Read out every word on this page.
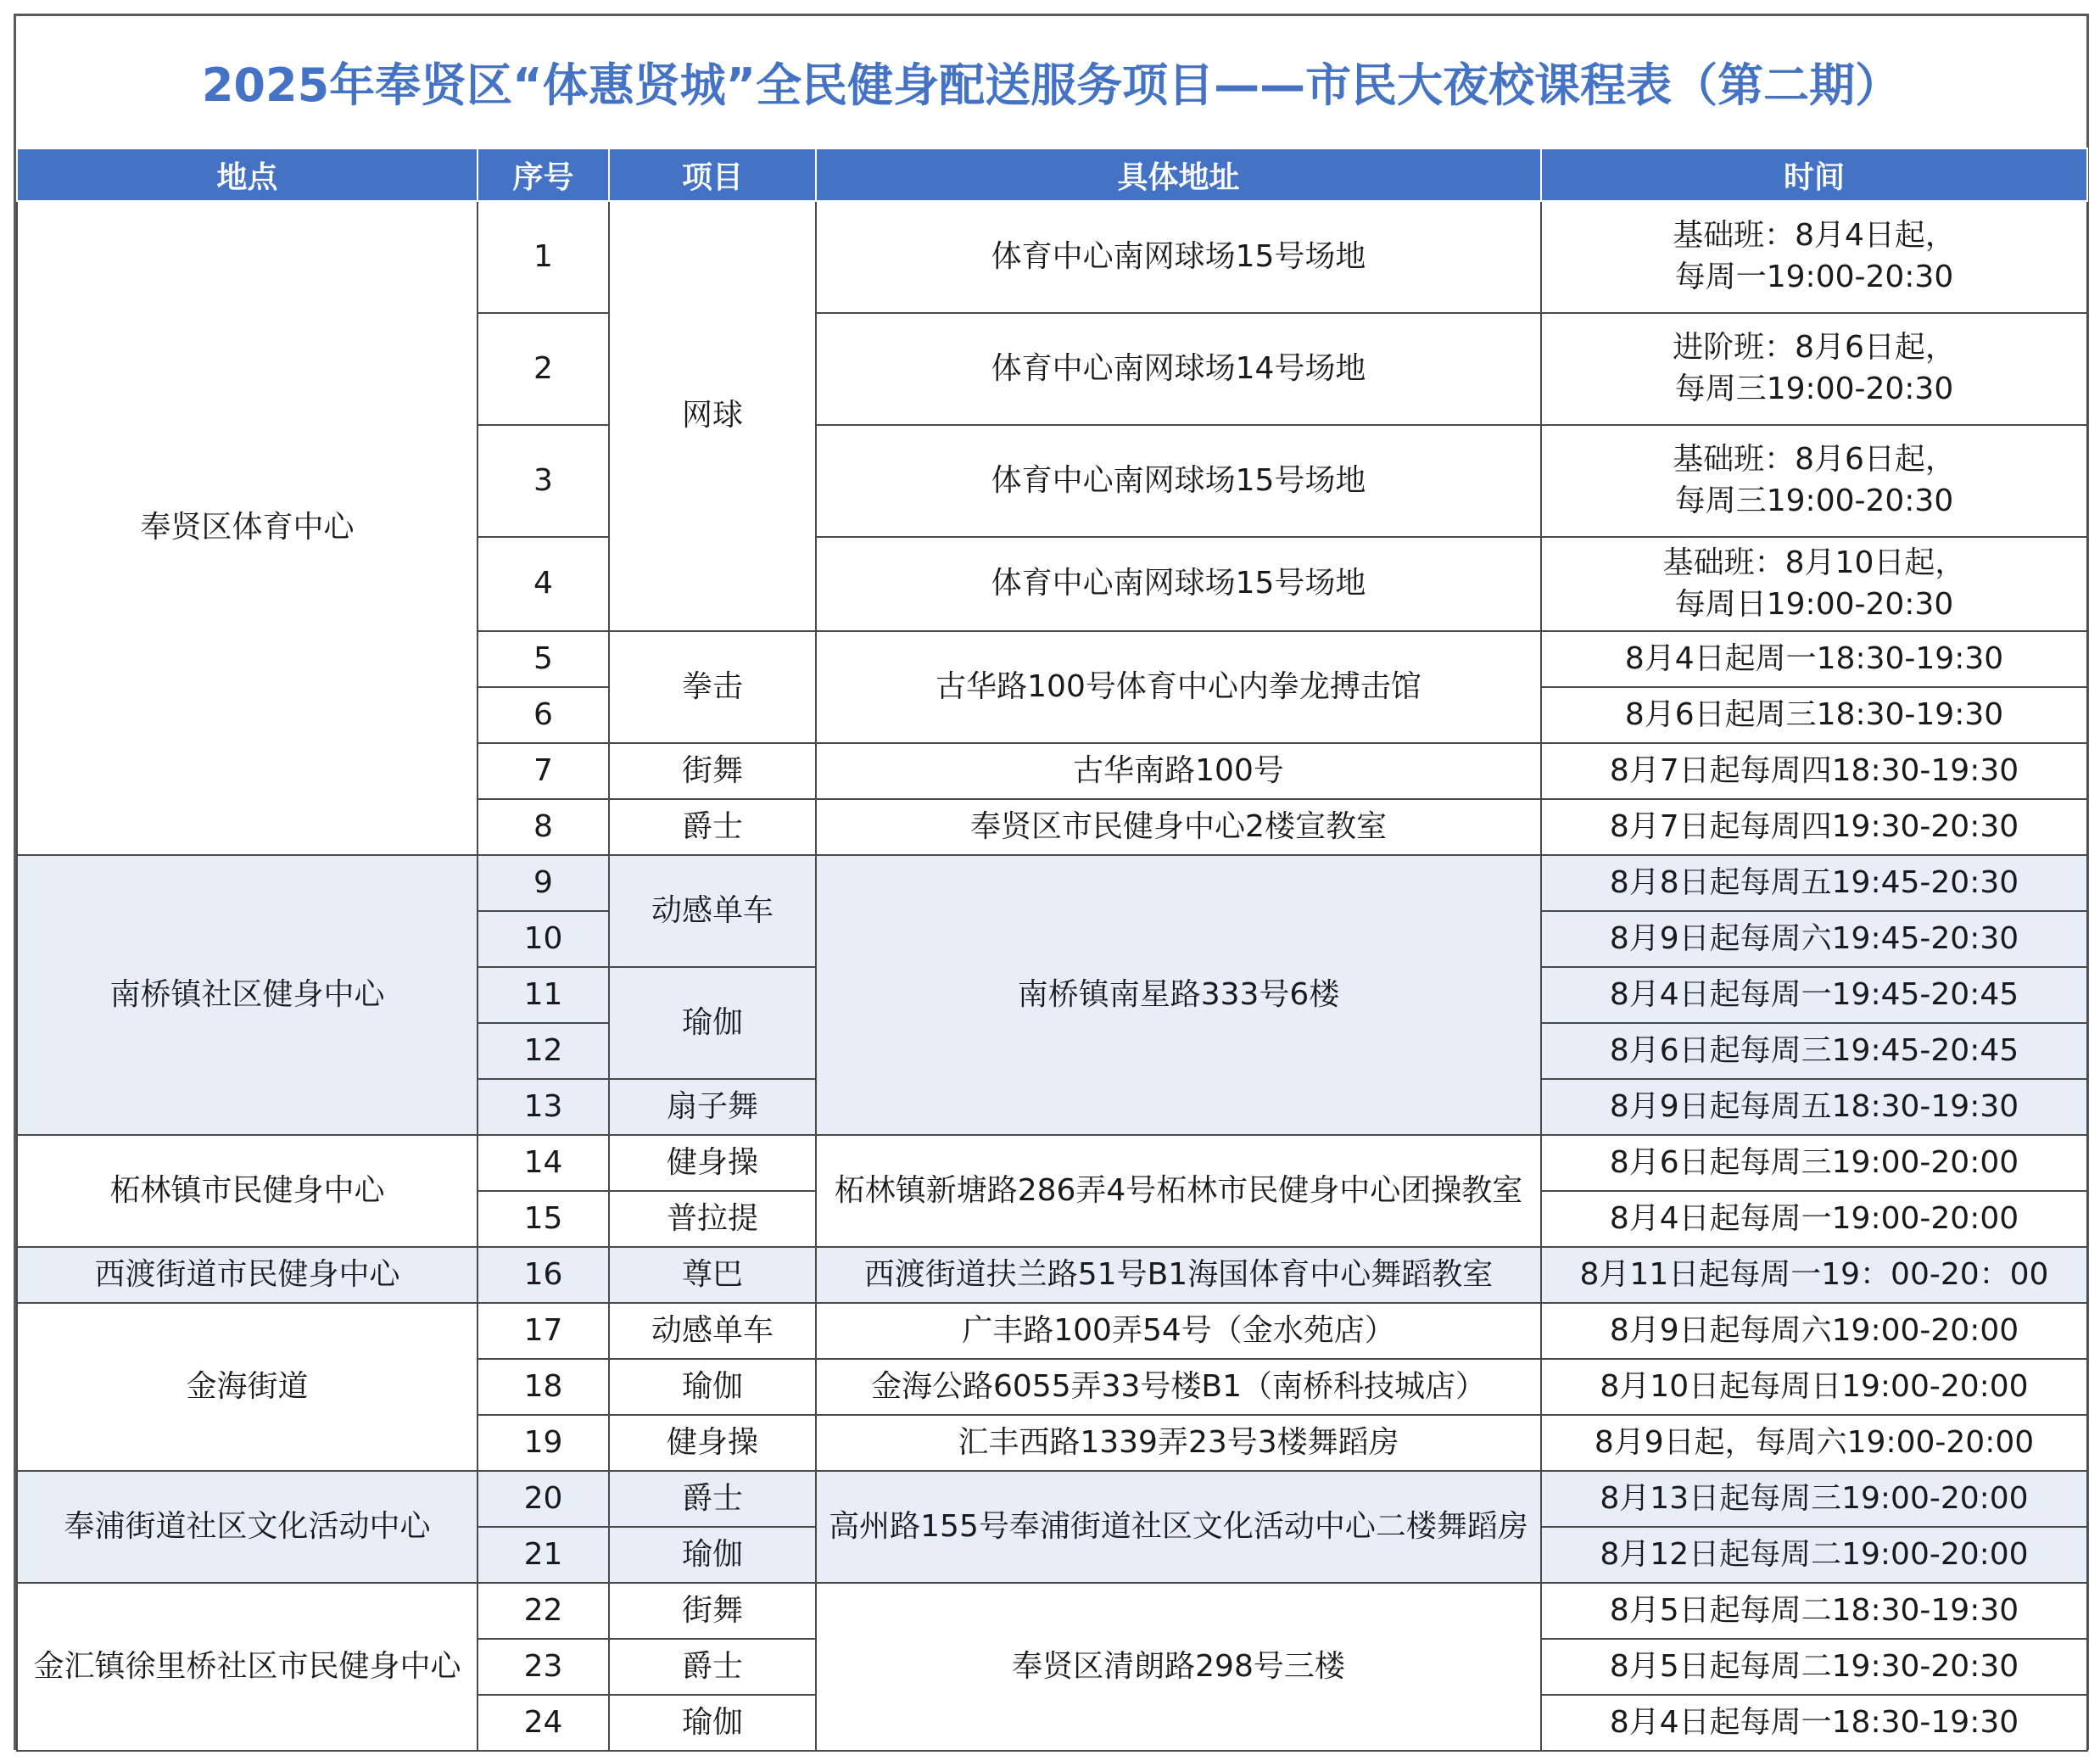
2025年奉贤区“体惠贤城”全民健身配送服务项目——市民大夜校课程表（第二期）
地点	序号	项目	具体地址	时间
奉贤区体育中心	1	网球	体育中心南网球场15号场地	基础班：8月4日起，
每周一19:00-20:30

	2		体育中心南网球场14号场地	进阶班：8月6日起，
每周三19:00-20:30

	3		体育中心南网球场15号场地	基础班：8月6日起，
每周三19:00-20:30

	4		体育中心南网球场15号场地	基础班：8月10日起，
每周日19:00-20:30

	5	拳击	古华路100号体育中心内拳龙搏击馆	8月4日起周一18:30-19:30
	6			8月6日起周三18:30-19:30
	7	街舞	古华南路100号	8月7日起每周四18:30-19:30
	8	爵士	奉贤区市民健身中心2楼宣教室	8月7日起每周四19:30-20:30
南桥镇社区健身中心	9	动感单车	南桥镇南星路333号6楼	8月8日起每周五19:45-20:30
	10			8月9日起每周六19:45-20:30
	11	瑜伽		8月4日起每周一19:45-20:45
	12			8月6日起每周三19:45-20:45
	13	扇子舞		8月9日起每周五18:30-19:30
柘林镇市民健身中心	14	健身操	柘林镇新塘路286弄4号柘林市民健身中心团操教室	8月6日起每周三19:00-20:00
	15	普拉提		8月4日起每周一19:00-20:00
西渡街道市民健身中心	16	尊巴	西渡街道扶兰路51号B1海国体育中心舞蹈教室	8月11日起每周一19：00-20：00
金海街道	17	动感单车	广丰路100弄54号（金水苑店）	8月9日起每周六19:00-20:00
	18	瑜伽	金海公路6055弄33号楼B1（南桥科技城店）	8月10日起每周日19:00-20:00
	19	健身操	汇丰西路1339弄23号3楼舞蹈房	8月9日起，每周六19:00-20:00
奉浦街道社区文化活动中心	20	爵士	高州路155号奉浦街道社区文化活动中心二楼舞蹈房	8月13日起每周三19:00-20:00
	21	瑜伽		8月12日起每周二19:00-20:00
金汇镇徐里桥社区市民健身中心	22	街舞	奉贤区清朗路298号三楼	8月5日起每周二18:30-19:30
	23	爵士		8月5日起每周二19:30-20:30
	24	瑜伽		8月4日起每周一18:30-19:30
